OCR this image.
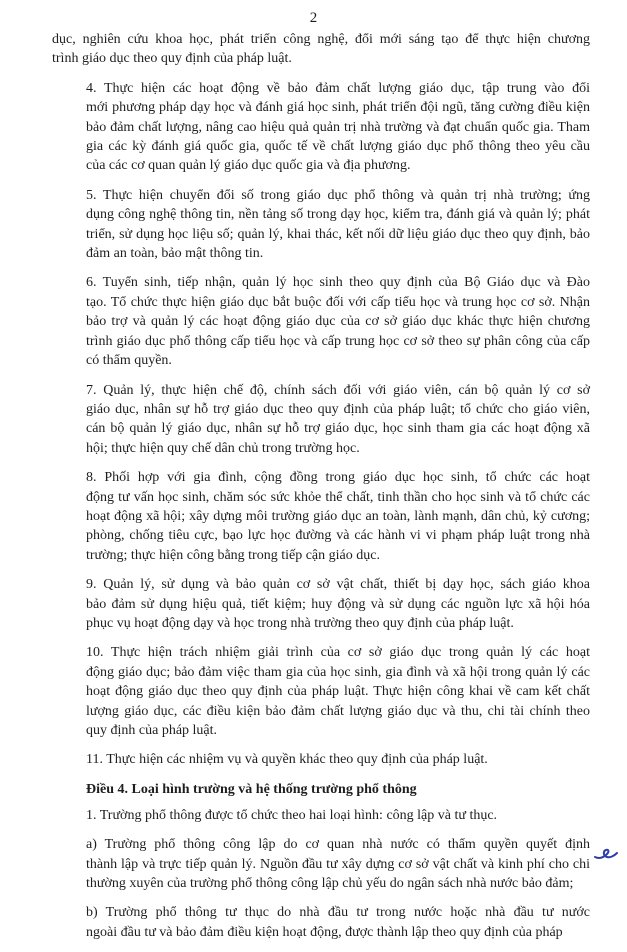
2
dục, nghiên cứu khoa học, phát triển công nghệ, đổi mới sáng tạo để thực hiện chương
trình giáo dục theo quy định của pháp luật.
4. Thực hiện các hoạt động về bảo đảm chất lượng giáo dục, tập trung vào đổi
mới phương pháp dạy học và đánh giá học sinh, phát triển đội ngũ, tăng cường điều kiện
bảo đảm chất lượng, nâng cao hiệu quả quản trị nhà trường và đạt chuẩn quốc gia. Tham
gia các kỳ đánh giá quốc gia, quốc tế về chất lượng giáo dục phổ thông theo yêu cầu
của các cơ quan quản lý giáo dục quốc gia và địa phương.
5. Thực hiện chuyển đổi số trong giáo dục phổ thông và quản trị nhà trường; ứng
dụng công nghệ thông tin, nền tảng số trong dạy học, kiểm tra, đánh giá và quản lý; phát
triển, sử dụng học liệu số; quản lý, khai thác, kết nối dữ liệu giáo dục theo quy định, bảo
đảm an toàn, bảo mật thông tin.
6. Tuyển sinh, tiếp nhận, quản lý học sinh theo quy định của Bộ Giáo dục và Đào
tạo. Tổ chức thực hiện giáo dục bắt buộc đối với cấp tiểu học và trung học cơ sở. Nhận
bảo trợ và quản lý các hoạt động giáo dục của cơ sở giáo dục khác thực hiện chương
trình giáo dục phổ thông cấp tiểu học và cấp trung học cơ sở theo sự phân công của cấp
có thẩm quyền.
7. Quản lý, thực hiện chế độ, chính sách đối với giáo viên, cán bộ quản lý cơ sở
giáo dục, nhân sự hỗ trợ giáo dục theo quy định của pháp luật; tổ chức cho giáo viên,
cán bộ quản lý giáo dục, nhân sự hỗ trợ giáo dục, học sinh tham gia các hoạt động xã
hội; thực hiện quy chế dân chủ trong trường học.
8. Phối hợp với gia đình, cộng đồng trong giáo dục học sinh, tổ chức các hoạt
động tư vấn học sinh, chăm sóc sức khỏe thể chất, tinh thần cho học sinh và tổ chức các
hoạt động xã hội; xây dựng môi trường giáo dục an toàn, lành mạnh, dân chủ, kỷ cương;
phòng, chống tiêu cực, bạo lực học đường và các hành vi vi phạm pháp luật trong nhà
trường; thực hiện công bằng trong tiếp cận giáo dục.
9. Quản lý, sử dụng và bảo quản cơ sở vật chất, thiết bị dạy học, sách giáo khoa
bảo đảm sử dụng hiệu quả, tiết kiệm; huy động và sử dụng các nguồn lực xã hội hóa
phục vụ hoạt động dạy và học trong nhà trường theo quy định của pháp luật.
10. Thực hiện trách nhiệm giải trình của cơ sở giáo dục trong quản lý các hoạt
động giáo dục; bảo đảm việc tham gia của học sinh, gia đình và xã hội trong quản lý các
hoạt động giáo dục theo quy định của pháp luật. Thực hiện công khai về cam kết chất
lượng giáo dục, các điều kiện bảo đảm chất lượng giáo dục và thu, chi tài chính theo
quy định của pháp luật.
11. Thực hiện các nhiệm vụ và quyền khác theo quy định của pháp luật.
Điều 4. Loại hình trường và hệ thống trường phổ thông
1. Trường phổ thông được tổ chức theo hai loại hình: công lập và tư thục.
a) Trường phổ thông công lập do cơ quan nhà nước có thẩm quyền quyết định
thành lập và trực tiếp quản lý. Nguồn đầu tư xây dựng cơ sở vật chất và kinh phí cho chi
thường xuyên của trường phổ thông công lập chủ yếu do ngân sách nhà nước bảo đảm;
b) Trường phổ thông tư thục do nhà đầu tư trong nước hoặc nhà đầu tư nước
ngoài đầu tư và bảo đảm điều kiện hoạt động, được thành lập theo quy định của pháp
